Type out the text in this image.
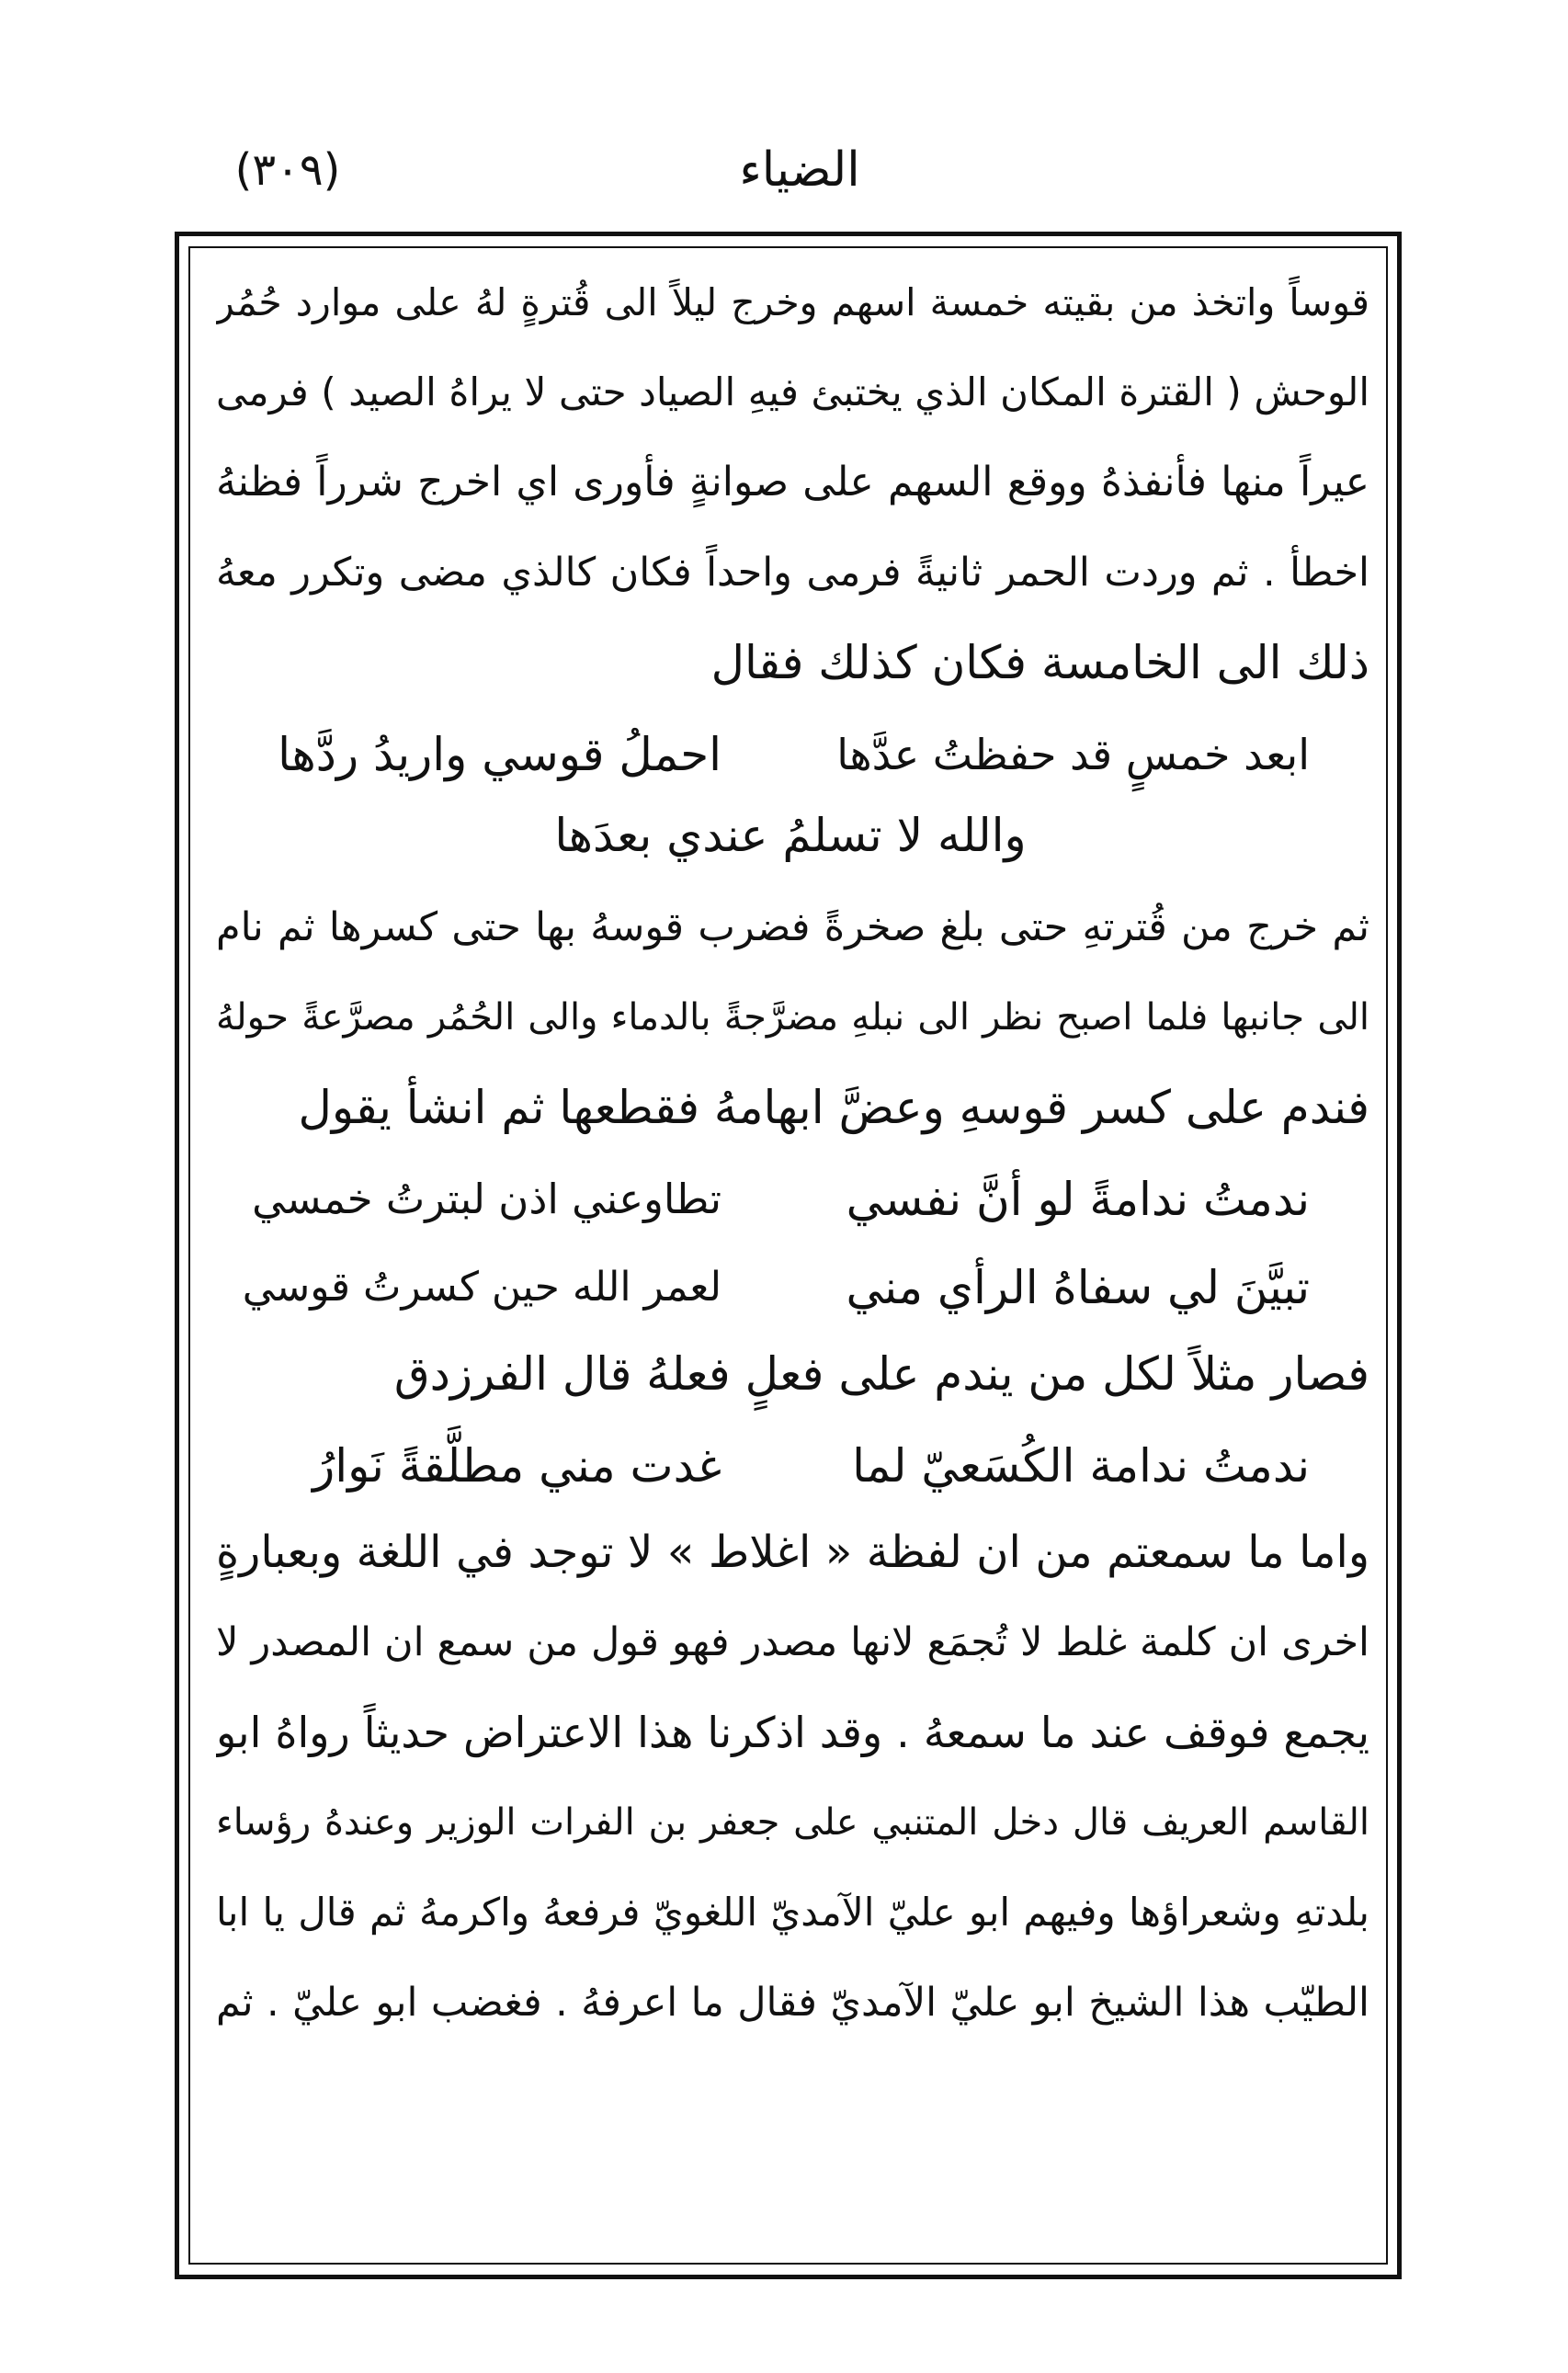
الضياء
(٣٠٩)
قوساً واتخذ من بقيته خمسة اسهم وخرج ليلاً الى قُترةٍ لهُ على موارد حُمُر
الوحش ( القترة المكان الذي يختبئ فيهِ الصياد حتى لا يراهُ الصيد ) فرمى
عيراً منها فأنفذهُ ووقع السهم على صوانةٍ فأورى اي اخرج شرراً فظنهُ
اخطأ . ثم وردت الحمر ثانيةً فرمى واحداً فكان كالذي مضى وتكرر معهُ
ذلك الى الخامسة فكان كذلك فقال
ابعد خمسٍ قد حفظتُ عدَّها
احملُ قوسي واريدُ ردَّها
والله لا تسلمُ عندي بعدَها
ثم خرج من قُترتهِ حتى بلغ صخرةً فضرب قوسهُ بها حتى كسرها ثم نام
الى جانبها فلما اصبح نظر الى نبلهِ مضرَّجةً بالدماء والى الحُمُر مصرَّعةً حولهُ
فندم على كسر قوسهِ وعضَّ ابهامهُ فقطعها ثم انشأ يقول
ندمتُ ندامةً لو أنَّ نفسي
تطاوعني اذن لبترتُ خمسي
تبيَّنَ لي سفاهُ الرأي مني
لعمر الله حين كسرتُ قوسي
فصار مثلاً لكل من يندم على فعلٍ فعلهُ قال الفرزدق
ندمتُ ندامة الكُسَعيّ لما
غدت مني مطلَّقةً نَوارُ
واما ما سمعتم من ان لفظة « اغلاط » لا توجد في اللغة وبعبارةٍ
اخرى ان كلمة غلط لا تُجمَع لانها مصدر فهو قول من سمع ان المصدر لا
يجمع فوقف عند ما سمعهُ . وقد اذكرنا هذا الاعتراض حديثاً رواهُ ابو
القاسم العريف قال دخل المتنبي على جعفر بن الفرات الوزير وعندهُ رؤساء
بلدتهِ وشعراؤها وفيهم ابو عليّ الآمديّ اللغويّ فرفعهُ واكرمهُ ثم قال يا ابا
الطيّب هذا الشيخ ابو عليّ الآمديّ فقال ما اعرفهُ . فغضب ابو عليّ . ثم
